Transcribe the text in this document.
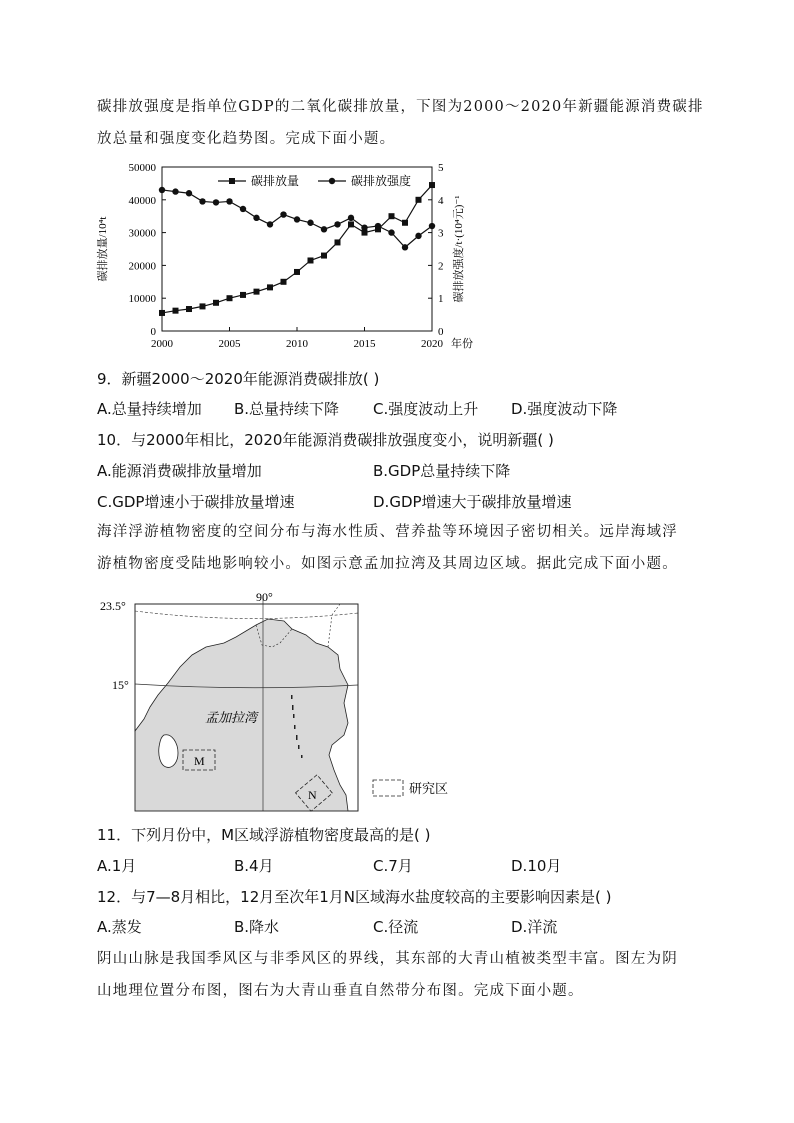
碳排放强度是指单位GDP的二氧化碳排放量，下图为2000～2020年新疆能源消费碳排
放总量和强度变化趋势图。完成下面小题。
0
10000
20000
30000
40000
50000
0
1
2
3
4
5
2000	2005	2010	2015	2020 年份
碳排放量/10⁴t	碳排放强度/t·(10⁴元)⁻¹
碳排放量	碳排放强度
9．新疆2000～2020年能源消费碳排放( )
A.总量持续增加 B.总量持续下降 C.强度波动上升 D.强度波动下降
10．与2000年相比，2020年能源消费碳排放强度变小，说明新疆( )
A.能源消费碳排放量增加	B.GDP总量持续下降
C.GDP增速小于碳排放量增速	D.GDP增速大于碳排放量增速
海洋浮游植物密度的空间分布与海水性质、营养盐等环境因子密切相关。远岸海域浮
游植物密度受陆地影响较小。如图示意孟加拉湾及其周边区域。据此完成下面小题。
90°
23.5°
15°
孟加拉湾
M
N	研究区
11．下列月份中，M区域浮游植物密度最高的是( )
A.1月	B.4月	C.7月	D.10月
12．与7—8月相比，12月至次年1月N区域海水盐度较高的主要影响因素是( )
A.蒸发	B.降水	C.径流	D.洋流
阴山山脉是我国季风区与非季风区的界线，其东部的大青山植被类型丰富。图左为阴
山地理位置分布图，图右为大青山垂直自然带分布图。完成下面小题。
